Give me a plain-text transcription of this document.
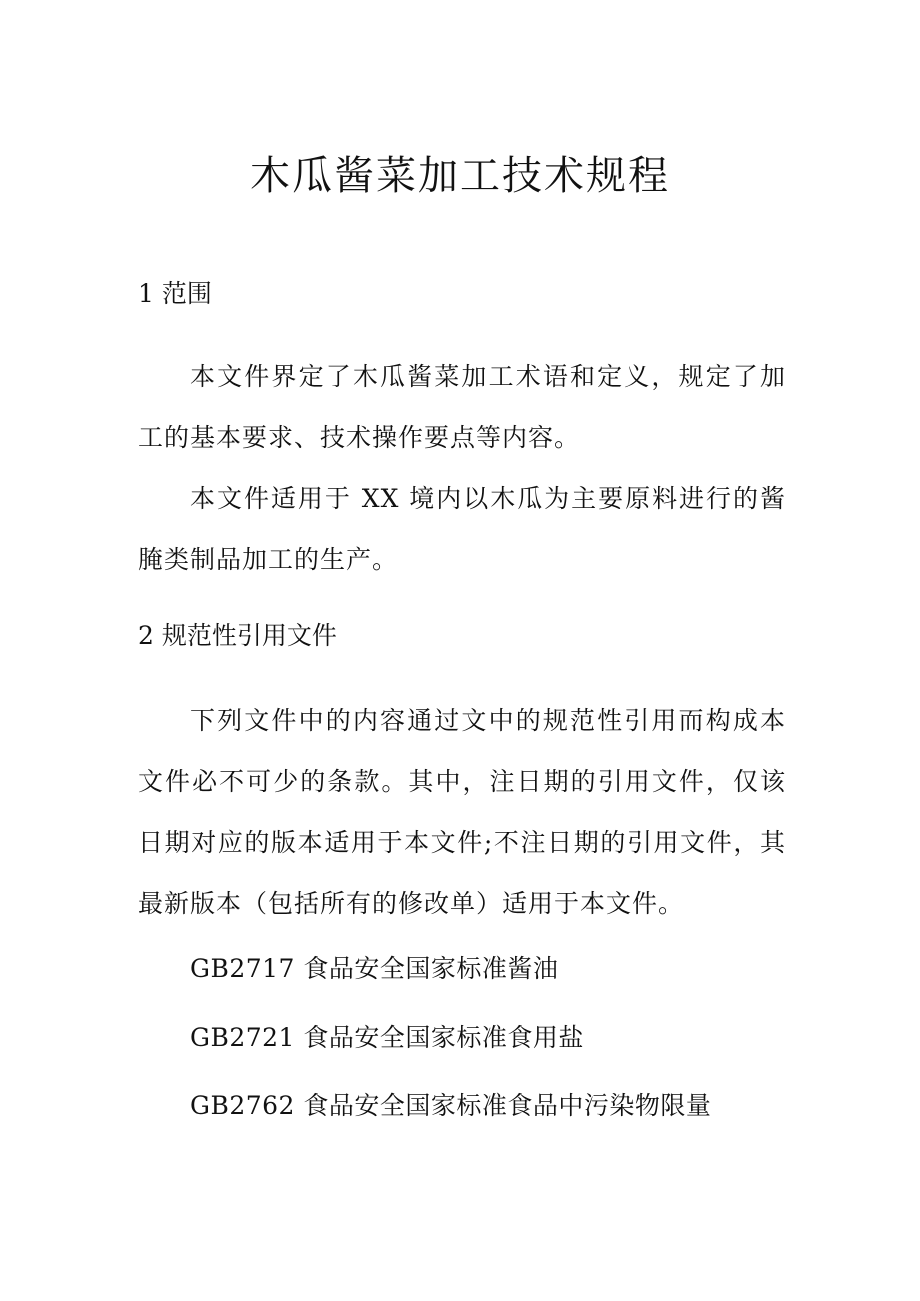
木瓜酱菜加工技术规程
1 范围

本文件界定了木瓜酱菜加工术语和定义，规定了加工的基本要求、技术操作要点等内容。

本文件适用于 XX 境内以木瓜为主要原料进行的酱腌类制品加工的生产。

2 规范性引用文件

下列文件中的内容通过文中的规范性引用而构成本文件必不可少的条款。其中，注日期的引用文件，仅该日期对应的版本适用于本文件;不注日期的引用文件，其最新版本（包括所有的修改单）适用于本文件。

GB2717 食品安全国家标准酱油

GB2721 食品安全国家标准食用盐

GB2762 食品安全国家标准食品中污染物限量
